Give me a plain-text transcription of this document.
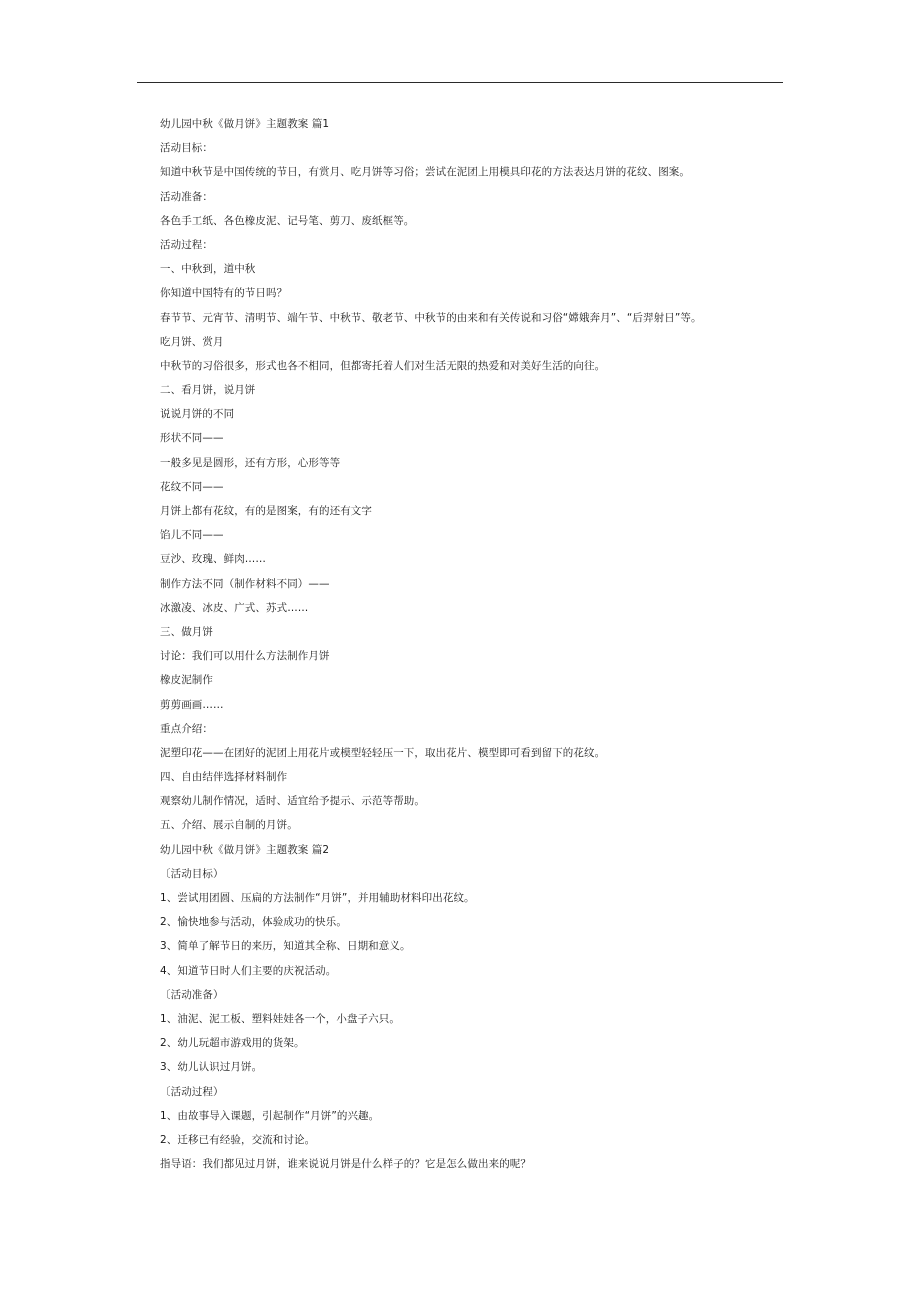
幼儿园中秋《做月饼》主题教案 篇1
活动目标：
知道中秋节是中国传统的节日，有赏月、吃月饼等习俗；尝试在泥团上用模具印花的方法表达月饼的花纹、图案。
活动准备：
各色手工纸、各色橡皮泥、记号笔、剪刀、废纸框等。
活动过程：
一、中秋到，道中秋
你知道中国特有的节日吗？
春节节、元宵节、清明节、端午节、中秋节、敬老节、中秋节的由来和有关传说和习俗“嫦娥奔月”、“后羿射日”等。
吃月饼、赏月
中秋节的习俗很多，形式也各不相同，但都寄托着人们对生活无限的热爱和对美好生活的向往。
二、看月饼，说月饼
说说月饼的不同
形状不同——
一般多见是圆形，还有方形，心形等等
花纹不同——
月饼上都有花纹，有的是图案，有的还有文字
馅儿不同——
豆沙、玫瑰、鲜肉……
制作方法不同（制作材料不同）——
冰激凌、冰皮、广式、苏式……
三、做月饼
讨论：我们可以用什么方法制作月饼
橡皮泥制作
剪剪画画……
重点介绍：
泥塑印花——在团好的泥团上用花片或模型轻轻压一下，取出花片、模型即可看到留下的花纹。
四、自由结伴选择材料制作
观察幼儿制作情况，适时、适宜给予提示、示范等帮助。
五、介绍、展示自制的月饼。
幼儿园中秋《做月饼》主题教案 篇2
〔活动目标）
1、尝试用团圆、压扁的方法制作“月饼”，并用辅助材料印出花纹。
2、愉快地参与活动，体验成功的快乐。
3、简单了解节日的来历，知道其全称、日期和意义。
4、知道节日时人们主要的庆祝活动。
〔活动准备）
1、油泥、泥工板、塑料娃娃各一个，小盘子六只。
2、幼儿玩超市游戏用的货架。
3、幼儿认识过月饼。
〔活动过程）
1、由故事导入课题，引起制作“月饼”的兴趣。
2、迁移已有经验，交流和讨论。
指导语：我们都见过月饼，谁来说说月饼是什么样子的？它是怎么做出来的呢？
